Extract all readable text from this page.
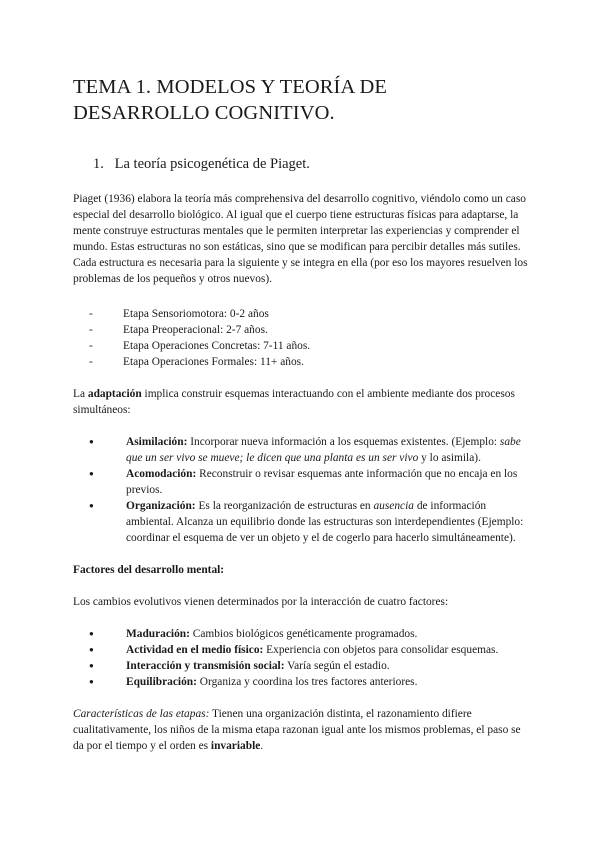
TEMA 1. MODELOS Y TEORÍA DE DESARROLLO COGNITIVO.
1. La teoría psicogenética de Piaget.

Piaget (1936) elabora la teoría más comprehensiva del desarrollo cognitivo, viéndolo como un caso especial del desarrollo biológico. Al igual que el cuerpo tiene estructuras físicas para adaptarse, la mente construye estructuras mentales que le permiten interpretar las experiencias y comprender el mundo. Estas estructuras no son estáticas, sino que se modifican para percibir detalles más sutiles. Cada estructura es necesaria para la siguiente y se integra en ella (por eso los mayores resuelven los problemas de los pequeños y otros nuevos).

- Etapa Sensoriomotora: 0-2 años
- Etapa Preoperacional: 2-7 años.
- Etapa Operaciones Concretas: 7-11 años.
- Etapa Operaciones Formales: 11+ años.

La adaptación implica construir esquemas interactuando con el ambiente mediante dos procesos simultáneos:

● Asimilación: Incorporar nueva información a los esquemas existentes. (Ejemplo: sabe que un ser vivo se mueve; le dicen que una planta es un ser vivo y lo asimila).
● Acomodación: Reconstruir o revisar esquemas ante información que no encaja en los previos.
● Organización: Es la reorganización de estructuras en ausencia de información ambiental. Alcanza un equilibrio donde las estructuras son interdependientes (Ejemplo: coordinar el esquema de ver un objeto y el de cogerlo para hacerlo simultáneamente).

Factores del desarrollo mental:

Los cambios evolutivos vienen determinados por la interacción de cuatro factores:

● Maduración: Cambios biológicos genéticamente programados.
● Actividad en el medio físico: Experiencia con objetos para consolidar esquemas.
● Interacción y transmisión social: Varía según el estadio.
● Equilibración: Organiza y coordina los tres factores anteriores.

Características de las etapas: Tienen una organización distinta, el razonamiento difiere cualitativamente, los niños de la misma etapa razonan igual ante los mismos problemas, el paso se da por el tiempo y el orden es invariable.
